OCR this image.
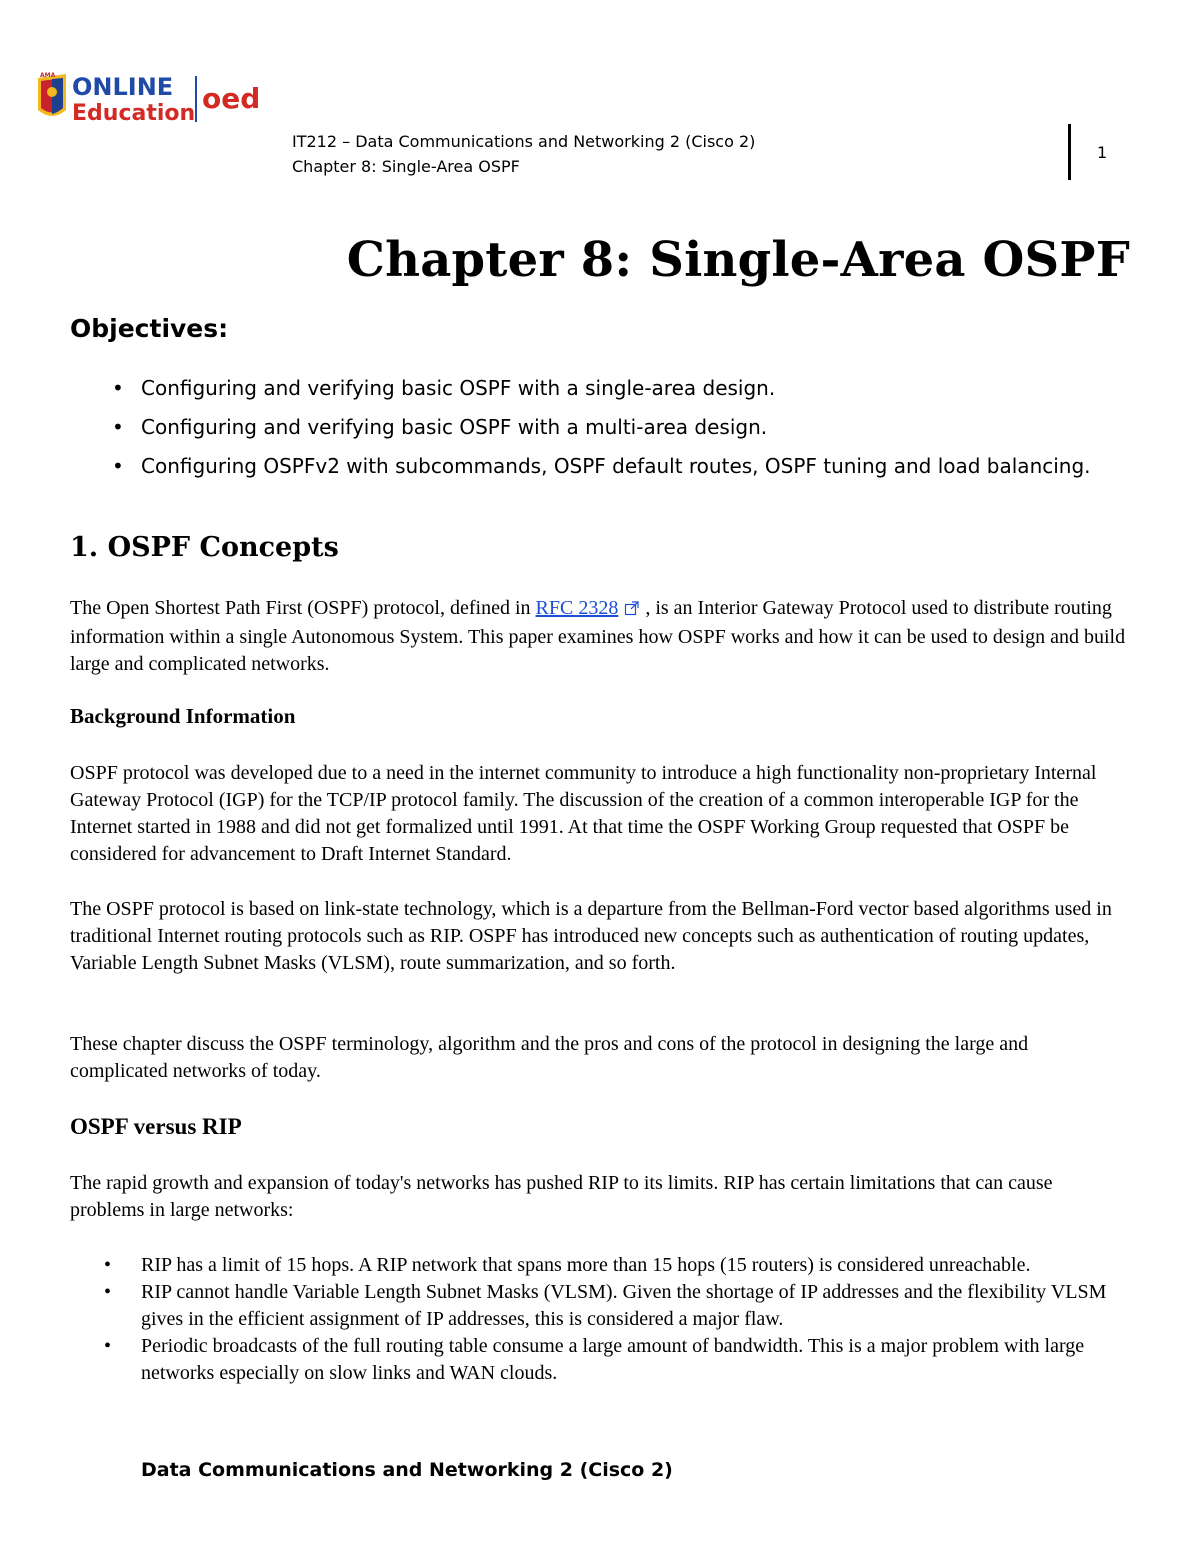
AMA ONLINE
Education oed
IT212 – Data Communications and Networking 2 (Cisco 2)
Chapter 8: Single-Area OSPF
1
Chapter 8: Single-Area OSPF
Objectives:
• Configuring and verifying basic OSPF with a single-area design.
• Configuring and verifying basic OSPF with a multi-area design.
• Configuring OSPFv2 with subcommands, OSPF default routes, OSPF tuning and load balancing.
1. OSPF Concepts

The Open Shortest Path First (OSPF) protocol, defined in RFC 2328 , is an Interior Gateway Protocol used to distribute routing information within a single Autonomous System. This paper examines how OSPF works and how it can be used to design and build large and complicated networks.

Background Information

OSPF protocol was developed due to a need in the internet community to introduce a high functionality non-proprietary Internal Gateway Protocol (IGP) for the TCP/IP protocol family. The discussion of the creation of a common interoperable IGP for the Internet started in 1988 and did not get formalized until 1991. At that time the OSPF Working Group requested that OSPF be considered for advancement to Draft Internet Standard.

The OSPF protocol is based on link-state technology, which is a departure from the Bellman-Ford vector based algorithms used in traditional Internet routing protocols such as RIP. OSPF has introduced new concepts such as authentication of routing updates, Variable Length Subnet Masks (VLSM), route summarization, and so forth.

These chapter discuss the OSPF terminology, algorithm and the pros and cons of the protocol in designing the large and complicated networks of today.

OSPF versus RIP

The rapid growth and expansion of today's networks has pushed RIP to its limits. RIP has certain limitations that can cause problems in large networks:

• RIP has a limit of 15 hops. A RIP network that spans more than 15 hops (15 routers) is considered unreachable.
• RIP cannot handle Variable Length Subnet Masks (VLSM). Given the shortage of IP addresses and the flexibility VLSM gives in the efficient assignment of IP addresses, this is considered a major flaw.
• Periodic broadcasts of the full routing table consume a large amount of bandwidth. This is a major problem with large networks especially on slow links and WAN clouds.
Data Communications and Networking 2 (Cisco 2)
